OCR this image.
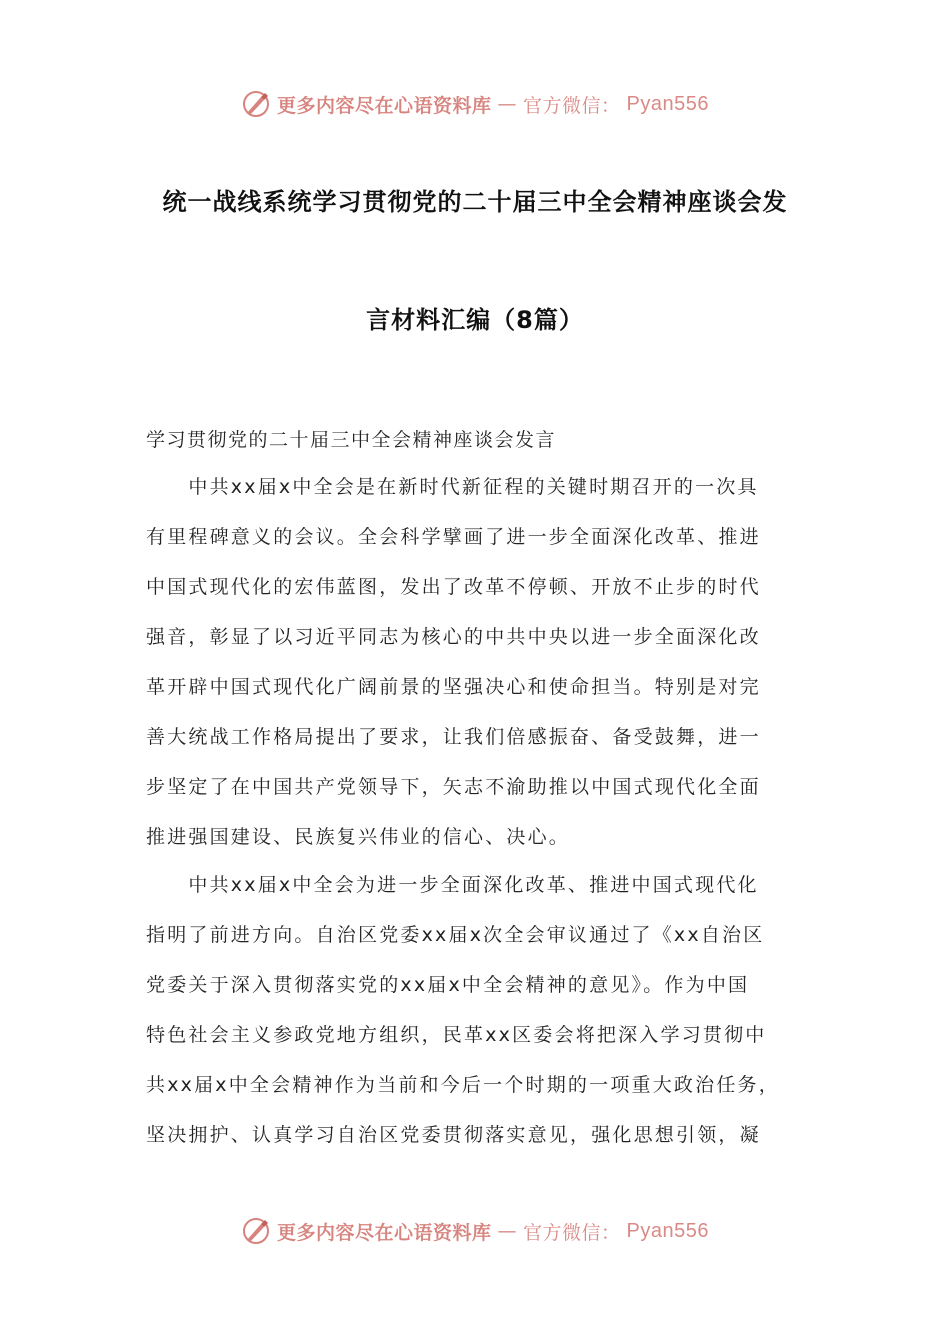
更多内容尽在心语资料库 — 官方微信： Pyan556
统一战线系统学习贯彻党的二十届三中全会精神座谈会发
言材料汇编（8篇）
学习贯彻党的二十届三中全会精神座谈会发言
　　中共xx届x中全会是在新时代新征程的关键时期召开的一次具
有里程碑意义的会议。全会科学擘画了进一步全面深化改革、推进
中国式现代化的宏伟蓝图，发出了改革不停顿、开放不止步的时代
强音，彰显了以习近平同志为核心的中共中央以进一步全面深化改
革开辟中国式现代化广阔前景的坚强决心和使命担当。特别是对完
善大统战工作格局提出了要求，让我们倍感振奋、备受鼓舞，进一
步坚定了在中国共产党领导下，矢志不渝助推以中国式现代化全面
推进强国建设、民族复兴伟业的信心、决心。
　　中共xx届x中全会为进一步全面深化改革、推进中国式现代化
指明了前进方向。自治区党委xx届x次全会审议通过了《xx自治区
党委关于深入贯彻落实党的xx届x中全会精神的意见》。作为中国
特色社会主义参政党地方组织，民革xx区委会将把深入学习贯彻中
共xx届x中全会精神作为当前和今后一个时期的一项重大政治任务，
坚决拥护、认真学习自治区党委贯彻落实意见，强化思想引领，凝
更多内容尽在心语资料库 — 官方微信： Pyan556
